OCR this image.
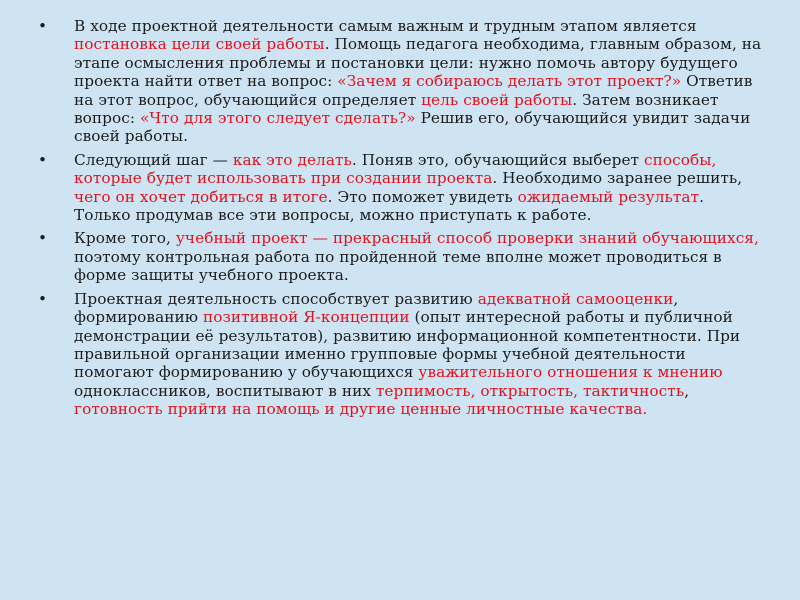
• В ходе проектной деятельности самым важным и трудным этапом является постановка цели своей работы. Помощь педагога необходима, главным образом, на этапе осмысления проблемы и постановки цели: нужно помочь автору будущего проекта найти ответ на вопрос: «Зачем я собираюсь делать этот проект?» Ответив на этот вопрос, обучающийся определяет цель своей работы. Затем возникает вопрос: «Что для этого следует сделать?» Решив его, обучающийся увидит задачи своей работы.
• Следующий шаг — как это делать. Поняв это, обучающийся выберет способы, которые будет использовать при создании проекта. Необходимо заранее решить, чего он хочет добиться в итоге. Это поможет увидеть ожидаемый результат. Только продумав все эти вопросы, можно приступать к работе.
• Кроме того, учебный проект — прекрасный способ проверки знаний обучающихся, поэтому контрольная работа по пройденной теме вполне может проводиться в форме защиты учебного проекта.
• Проектная деятельность способствует развитию адекватной самооценки, формированию позитивной Я-концепции (опыт интересной работы и публичной демонстрации её результатов), развитию информационной компетентности. При правильной организации именно групповые формы учебной деятельности помогают формированию у обучающихся уважительного отношения к мнению одноклассников, воспитывают в них терпимость, открытость, тактичность, готовность прийти на помощь и другие ценные личностные качества.
